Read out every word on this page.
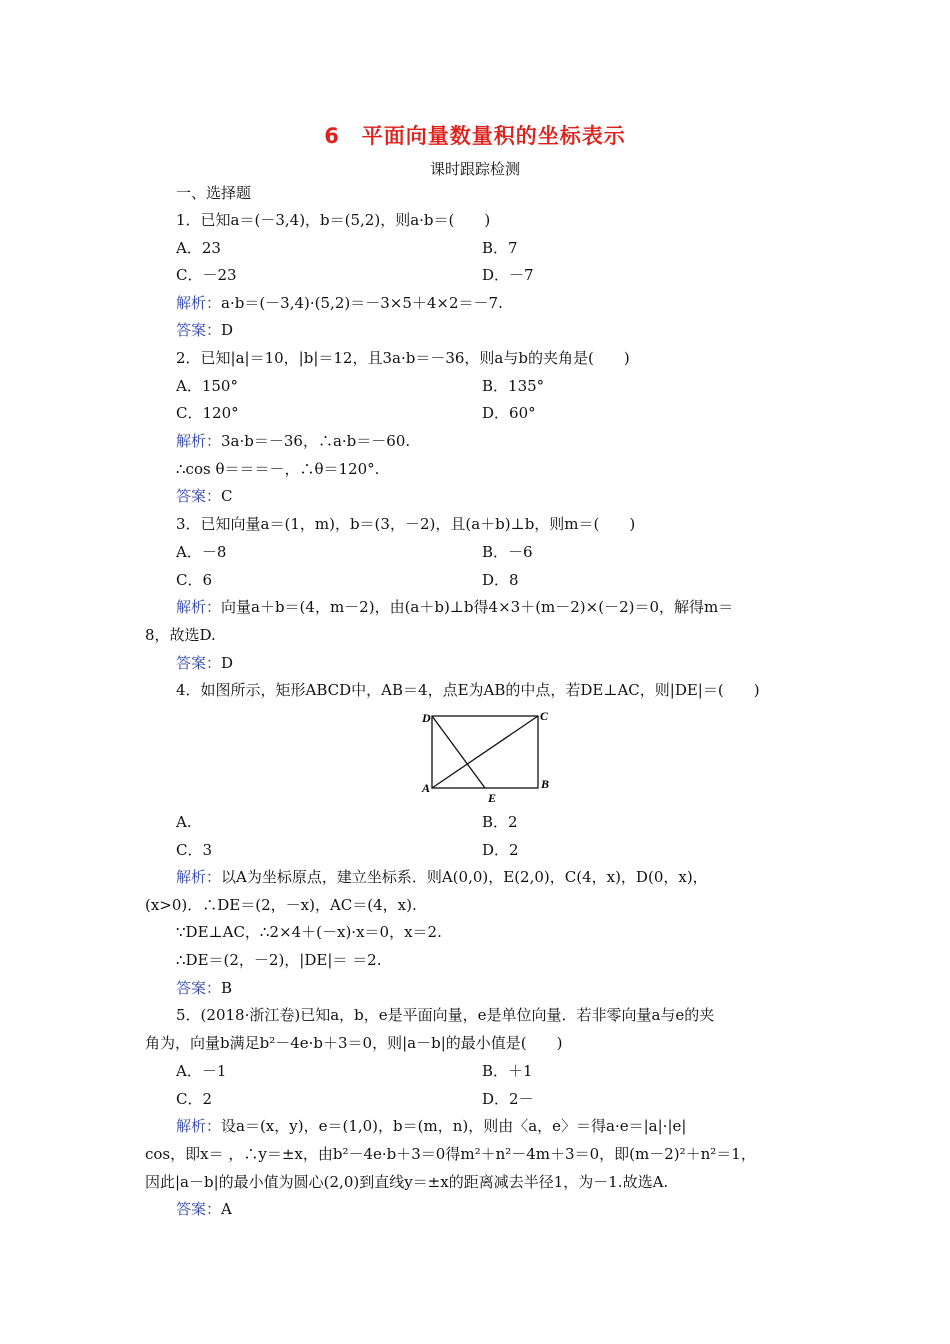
6　平面向量数量积的坐标表示
课时跟踪检测
一、选择题
1．已知a＝(－3,4)，b＝(5,2)，则a·b＝(　　)
A．23	B．7
C．－23	D．－7
解析：a·b＝(－3,4)·(5,2)＝－3×5＋4×2＝－7.
答案：D
2．已知|a|＝10，|b|＝12，且3a·b＝－36，则a与b的夹角是(　　)
A．150°	B．135°
C．120°	D．60°
解析：3a·b＝－36，∴a·b＝－60.
∴cos θ＝＝＝－，∴θ＝120°.
答案：C
3．已知向量a＝(1，m)，b＝(3，－2)，且(a＋b)⊥b，则m＝(　　)
A．－8	B．－6
C．6	D．8
解析：向量a＋b＝(4，m－2)，由(a＋b)⊥b得4×3＋(m－2)×(－2)＝0，解得m＝
8，故选D.
答案：D
4．如图所示，矩形ABCD中，AB＝4，点E为AB的中点，若DE⊥AC，则|DE|＝(　　)
D	C
A
E
B
A.	B．2
C．3	D．2
解析：以A为坐标原点，建立坐标系．则A(0,0)，E(2,0)，C(4，x)，D(0，x)，
(x>0)．∴DE＝(2，－x)，AC＝(4，x).
∵DE⊥AC，∴2×4＋(－x)·x＝0，x＝2.
∴DE＝(2，－2)，|DE|＝ ＝2.
答案：B
5．(2018·浙江卷)已知a，b，e是平面向量，e是单位向量．若非零向量a与e的夹
角为，向量b满足b²－4e·b＋3＝0，则|a－b|的最小值是(　　)
A．－1	B．＋1
C．2	D．2－
解析：设a＝(x，y)，e＝(1,0)，b＝(m，n)，则由〈a，e〉＝得a·e＝|a|·|e|
cos，即x＝ ，∴y＝±x，由b²－4e·b＋3＝0得m²＋n²－4m＋3＝0，即(m－2)²＋n²＝1，
因此|a－b|的最小值为圆心(2,0)到直线y＝±x的距离减去半径1，为－1.故选A.
答案：A
